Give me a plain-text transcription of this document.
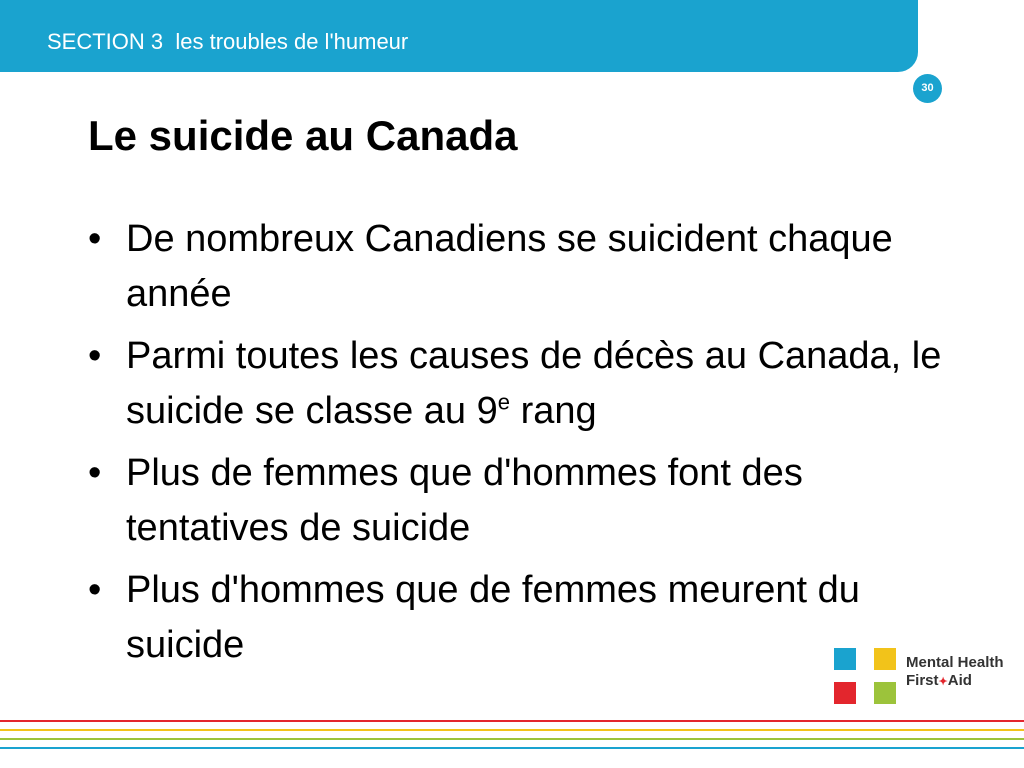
SECTION 3  les troubles de l'humeur
30
Le suicide au Canada
• De nombreux Canadiens se suicident chaque année
• Parmi toutes les causes de décès au Canada, le suicide se classe au 9e rang
• Plus de femmes que d'hommes font des tentatives de suicide
• Plus d'hommes que de femmes meurent du suicide	Mental Health
First✦Aid
